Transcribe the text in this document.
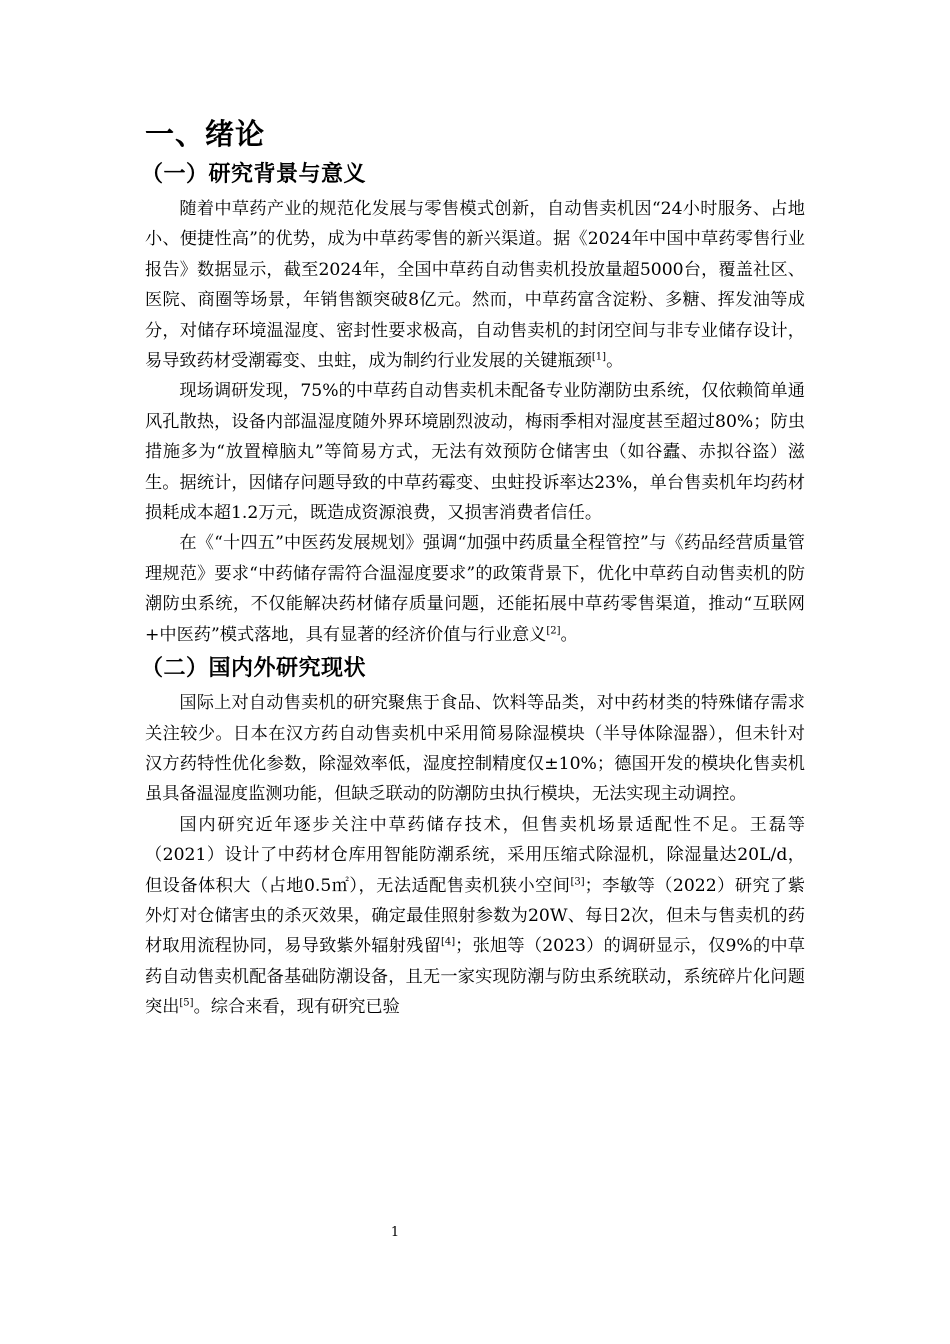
一、绪论
（一）研究背景与意义

随着中草药产业的规范化发展与零售模式创新，自动售卖机因“24小时服务、占地小、便捷性高”的优势，成为中草药零售的新兴渠道。据《2024年中国中草药零售行业报告》数据显示，截至2024年，全国中草药自动售卖机投放量超5000台，覆盖社区、医院、商圈等场景，年销售额突破8亿元。然而，中草药富含淀粉、多糖、挥发油等成分，对储存环境温湿度、密封性要求极高，自动售卖机的封闭空间与非专业储存设计，易导致药材受潮霉变、虫蛀，成为制约行业发展的关键瓶颈[1]。

现场调研发现，75%的中草药自动售卖机未配备专业防潮防虫系统，仅依赖简单通风孔散热，设备内部温湿度随外界环境剧烈波动，梅雨季相对湿度甚至超过80%；防虫措施多为“放置樟脑丸”等简易方式，无法有效预防仓储害虫（如谷蠹、赤拟谷盗）滋生。据统计，因储存问题导致的中草药霉变、虫蛀投诉率达23%，单台售卖机年均药材损耗成本超1.2万元，既造成资源浪费，又损害消费者信任。

在《“十四五”中医药发展规划》强调“加强中药质量全程管控”与《药品经营质量管理规范》要求“中药储存需符合温湿度要求”的政策背景下，优化中草药自动售卖机的防潮防虫系统，不仅能解决药材储存质量问题，还能拓展中草药零售渠道，推动“互联网+中医药”模式落地，具有显著的经济价值与行业意义[2]。

（二）国内外研究现状

国际上对自动售卖机的研究聚焦于食品、饮料等品类，对中药材类的特殊储存需求关注较少。日本在汉方药自动售卖机中采用简易除湿模块（半导体除湿器），但未针对汉方药特性优化参数，除湿效率低，湿度控制精度仅±10%；德国开发的模块化售卖机虽具备温湿度监测功能，但缺乏联动的防潮防虫执行模块，无法实现主动调控。

国内研究近年逐步关注中草药储存技术，但售卖机场景适配性不足。王磊等（2021）设计了中药材仓库用智能防潮系统，采用压缩式除湿机，除湿量达20L/d，但设备体积大（占地0.5㎡），无法适配售卖机狭小空间[3]；李敏等（2022）研究了紫外灯对仓储害虫的杀灭效果，确定最佳照射参数为20W、每日2次，但未与售卖机的药材取用流程协同，易导致紫外辐射残留[4]；张旭等（2023）的调研显示，仅9%的中草药自动售卖机配备基础防潮设备，且无一家实现防潮与防虫系统联动，系统碎片化问题突出[5]。综合来看，现有研究已验

1
